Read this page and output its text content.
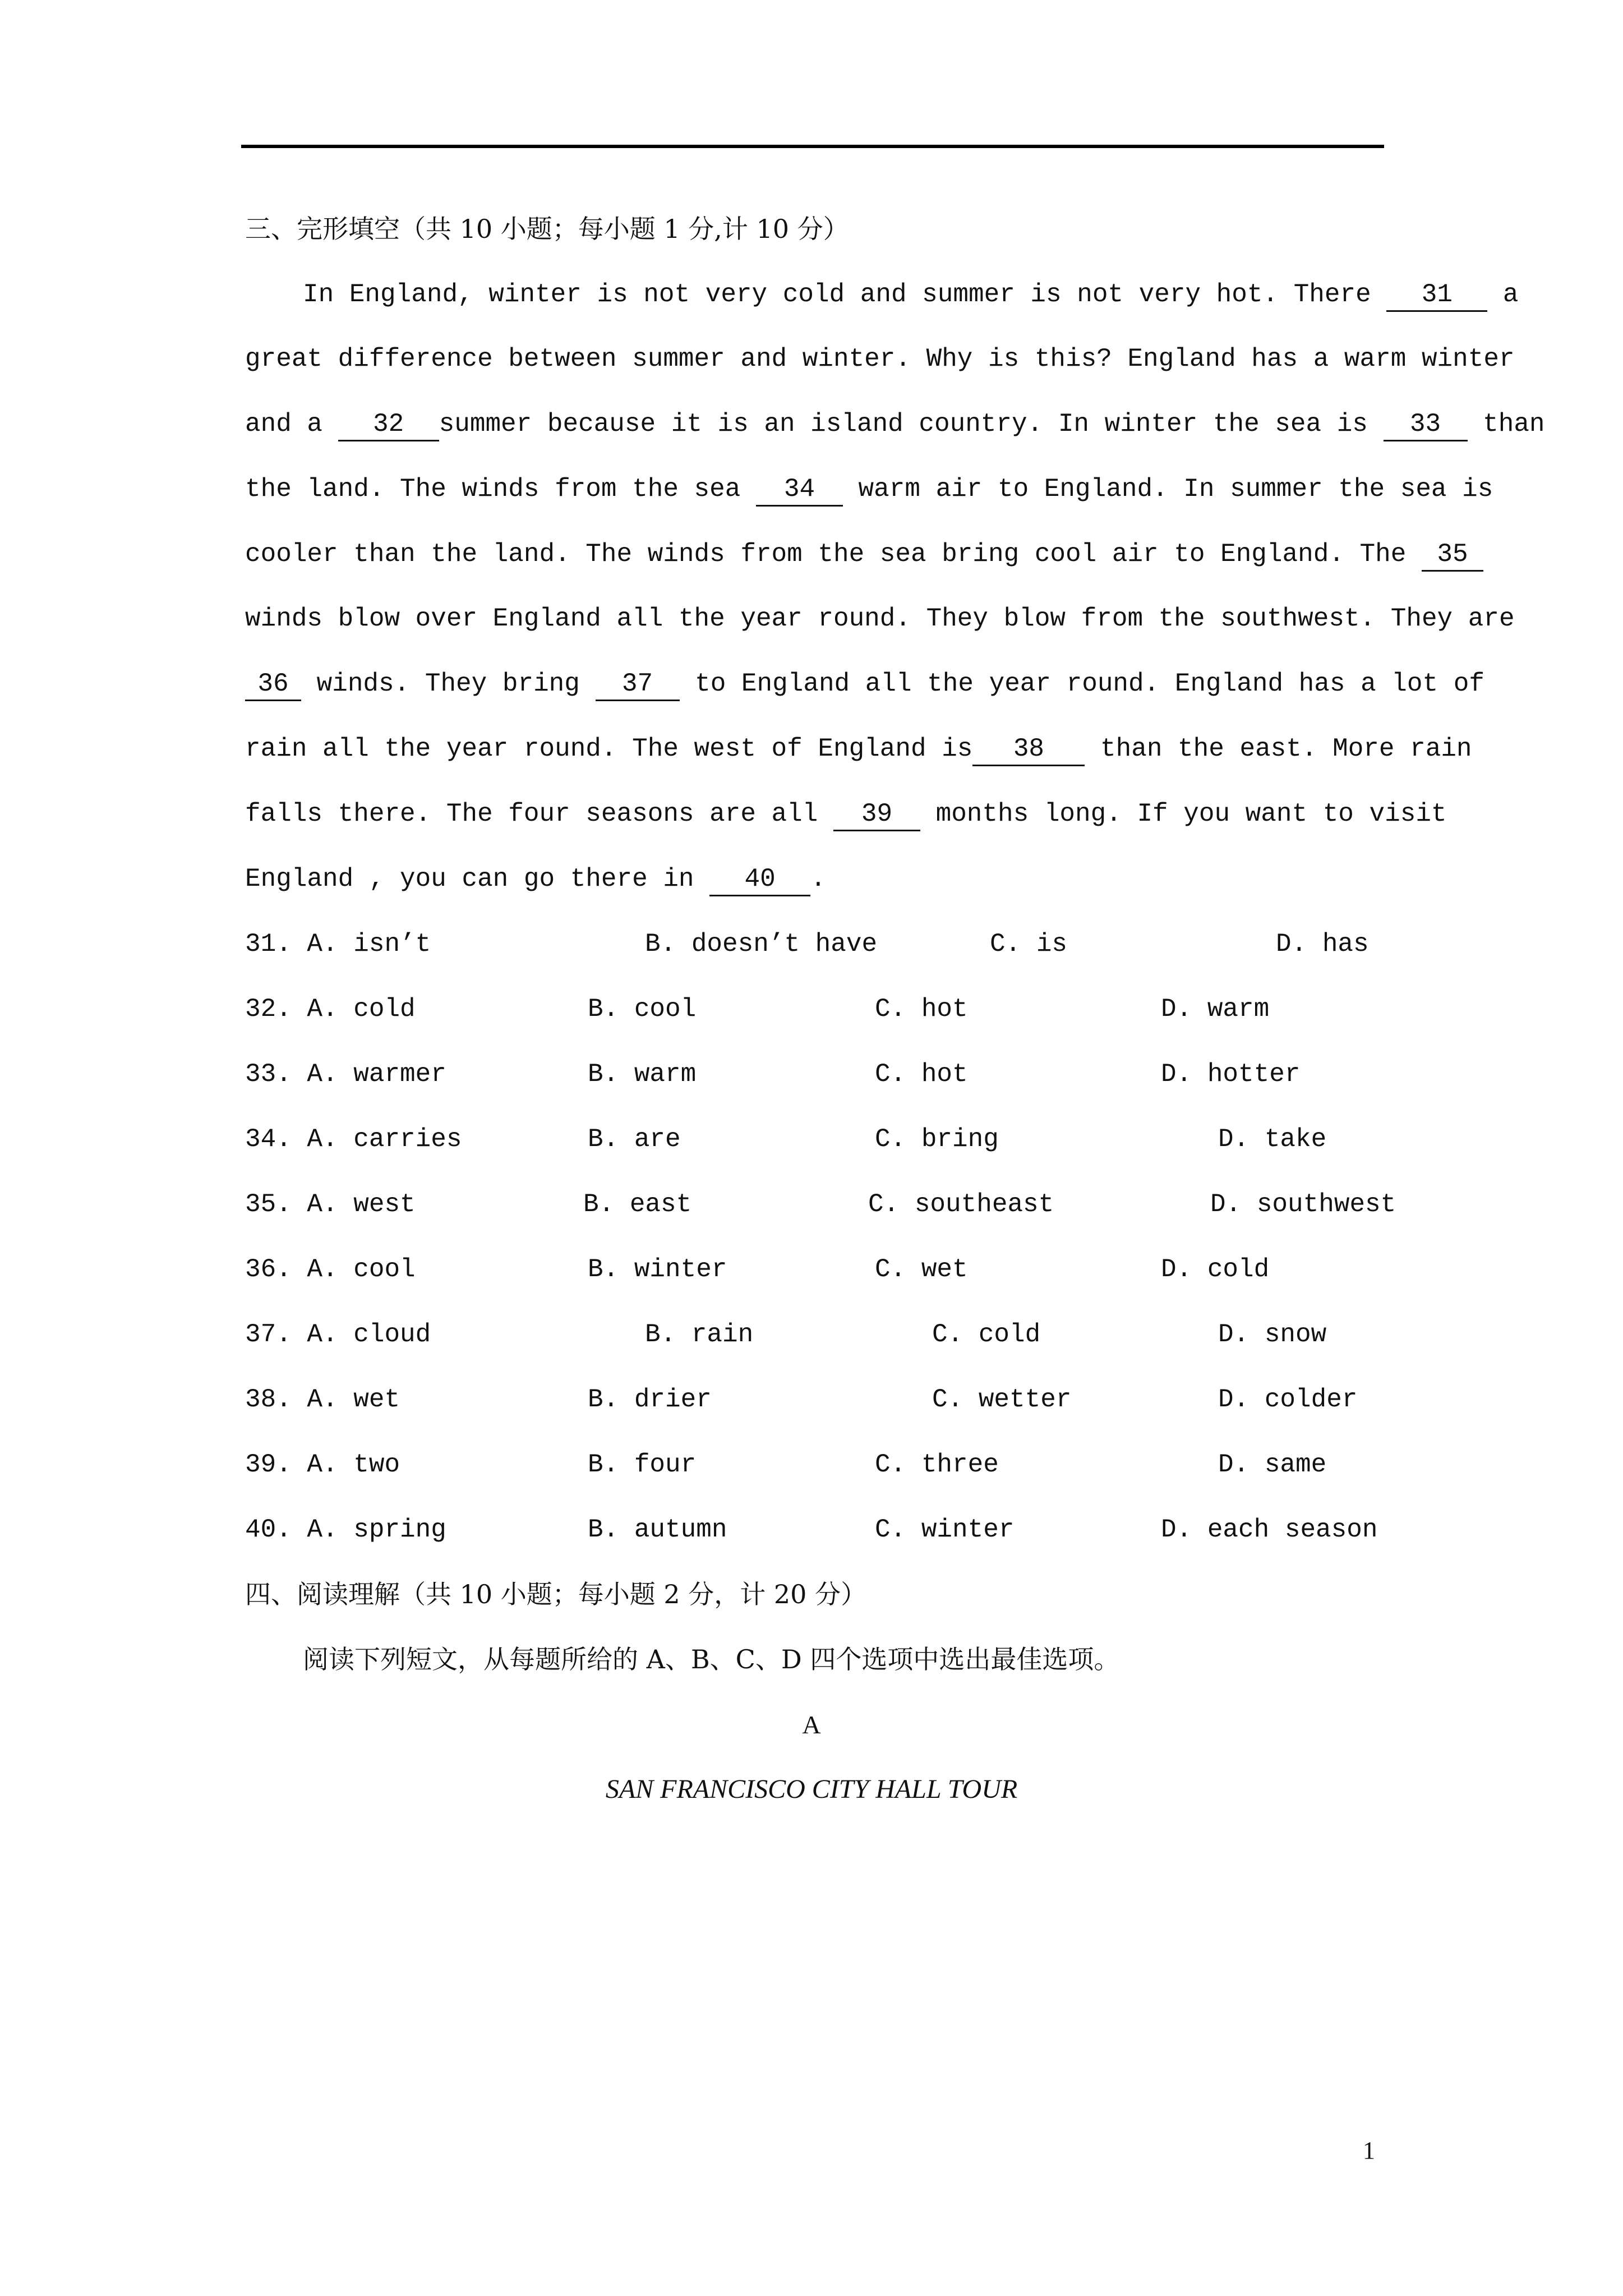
三、完形填空（共 10 小题；每小题 1 分,计 10 分）
In England, winter is not very cold and summer is not very hot. There 31 a
great difference between summer and winter. Why is this? England has a warm winter
and a 32 summer because it is an island country. In winter the sea is 33 than
the land. The winds from the sea 34 warm air to England. In summer the sea is
cooler than the land. The winds from the sea bring cool air to England. The 35
winds blow over England all the year round. They blow from the southwest. They are
36 winds. They bring 37 to England all the year round. England has a lot of
rain all the year round. The west of England is 38 than the east. More rain
falls there. The four seasons are all 39 months long. If you want to visit
England , you can go there in 40 .
31. A. isn’t	B. doesn’t have	C. is	D. has
32. A. cold	B. cool	C. hot	D. warm
33. A. warmer	B. warm	C. hot	D. hotter
34. A. carries	B. are	C. bring	D. take
35. A. west	B. east	C. southeast	D. southwest
36. A. cool	B. winter	C. wet	D. cold
37. A. cloud	B. rain	C. cold	D. snow
38. A. wet	B. drier	C. wetter	D. colder
39. A. two	B. four	C. three	D. same
40. A. spring	B. autumn	C. winter	D. each season
四、阅读理解（共 10 小题；每小题 2 分，计 20 分）
阅读下列短文，从每题所给的 A、B、C、D 四个选项中选出最佳选项。
A
SAN FRANCISCO CITY HALL TOUR
1
